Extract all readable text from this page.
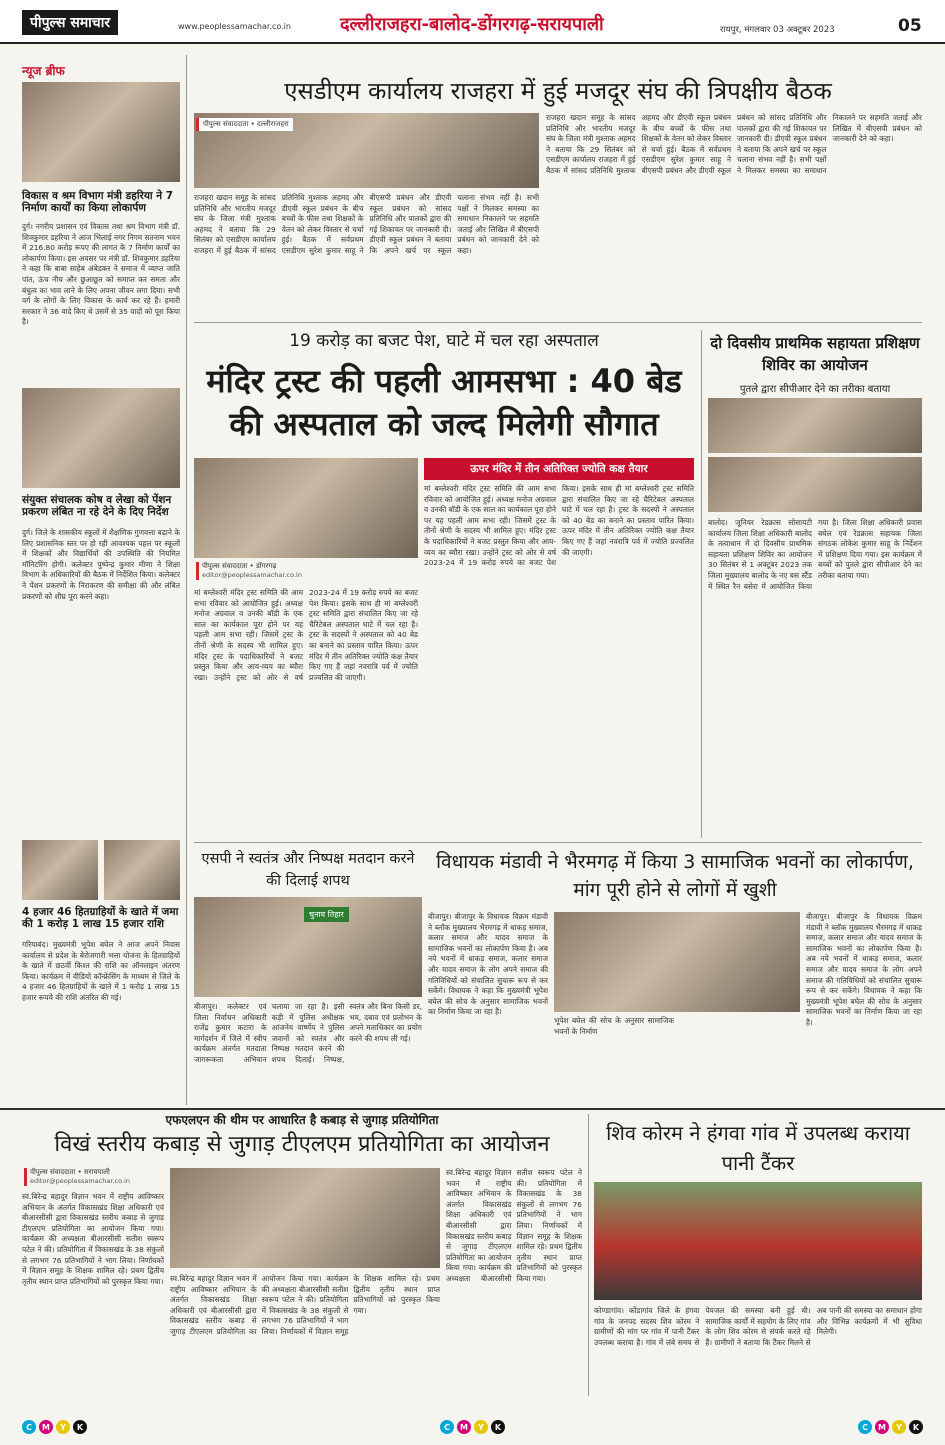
पीपुल्स समाचार	www.peoplessamachar.co.in	दल्लीराजहरा-बालोद-डोंगरगढ़-सरायपाली	रायपुर, मंगलवार 03 अक्टूबर 2023	05
न्यूज ब्रीफ
विकास व श्रम विभाग मंत्री डहरिया ने 7 निर्माण कार्यों का किया लोकार्पण
दुर्ग। नगरीय प्रशासन एवं विकास तथा श्रम विभाग मंत्री डॉ. शिवकुमार डहरिया ने आज भिलाई नगर निगम सतनाम भवन में 216.80 करोड़ रूपए की लागत के 7 निर्माण कार्यों का लोकार्पण किया। इस अवसर पर मंत्री डॉ. शिवकुमार डहरिया ने कहा कि बाबा साहेब अंबेडकर ने समाज में व्याप्त जाति पांत, ऊंच नीच और छुआछूत को समाप्त कर समता और बंधुत्व का भाव लाने के लिए अपना जीवन लगा दिया। सभी वर्ग के लोगों के लिए विकास के कार्य कर रहे हैं। हमारी सरकार ने 36 वादे किए थे उसमें से 35 वादों को पूरा किया है।
संयुक्त संचालक कोष व लेखा को पेंशन प्रकरण लंबित ना रहे देने के दिए निर्देश
दुर्ग। जिले के शासकीय स्कूलों में शैक्षणिक गुणवत्ता बढ़ाने के लिए प्रशासनिक स्तर पर हो रही आवश्यक पहल पर स्कूलों में शिक्षकों और विद्यार्थियों की उपस्थिति की नियमित मॉनिटरिंग होगी। कलेक्टर पुष्पेन्द्र कुमार मीणा ने शिक्षा विभाग के अधिकारियों की बैठक में निर्देशित किया। कलेक्टर ने पेंशन प्रकरणों के निराकरण की समीक्षा की और लंबित प्रकरणों को शीघ्र पूरा करने कहा।
4 हजार 46 हितग्राहियों के खाते में जमा की 1 करोड़ 1 लाख 15 हजार राशि
गरियाबंद। मुख्यमंत्री भूपेश बघेल ने आज अपने निवास कार्यालय से प्रदेश के बेरोजगारी भत्ता योजना के हितग्राहियों के खाते में छठवीं किश्त की राशि का ऑनलाइन अंतरण किया। कार्यक्रम में वीडियो कॉन्फ्रेंसिंग के माध्यम से जिले के 4 हजार 46 हितग्राहियों के खाते में 1 करोड़ 1 लाख 15 हजार रूपये की राशि अंतरित की गई।
एसडीएम कार्यालय राजहरा में हुई मजदूर संघ की त्रिपक्षीय बैठक
पीपुल्स संवाददाता • दल्लीराजहरा
राजहरा खदान समूह के सांसद प्रतिनिधि और भारतीय मजदूर संघ के जिला मंत्री मुश्ताक अहमद ने बताया कि 29 सितंबर को एसडीएम कार्यालय राजहरा में हुई बैठक में सांसद प्रतिनिधि मुश्ताक अहमद और डीएवी स्कूल प्रबंधन के बीच बच्चों के फीस तथा शिक्षकों के वेतन को लेकर विस्तार से चर्चा हुई। बैठक में सर्वप्रथम एसडीएम सुरेश कुमार साहू ने बीएसपी प्रबंधन और डीएवी स्कूल प्रबंधन को सांसद प्रतिनिधि और पालकों द्वारा की गई शिकायत पर जानकारी दी। डीएवी स्कूल प्रबंधन ने बताया कि अपने खर्च पर स्कूल चलाना संभव नहीं है। सभी पक्षों ने मिलकर समस्या का समाधान निकालने पर सहमति जताई और लिखित में बीएसपी प्रबंधन को जानकारी देने को कहा।
राजहरा खदान समूह के सांसद प्रतिनिधि और भारतीय मजदूर संघ के जिला मंत्री मुश्ताक अहमद ने बताया कि 29 सितंबर को एसडीएम कार्यालय राजहरा में हुई बैठक में सांसद प्रतिनिधि मुश्ताक अहमद और डीएवी स्कूल प्रबंधन के बीच बच्चों के फीस तथा शिक्षकों के वेतन को लेकर विस्तार से चर्चा हुई। बैठक में सर्वप्रथम एसडीएम सुरेश कुमार साहू ने बीएसपी प्रबंधन और डीएवी स्कूल प्रबंधन को सांसद प्रतिनिधि और पालकों द्वारा की गई शिकायत पर जानकारी दी। डीएवी स्कूल प्रबंधन ने बताया कि अपने खर्च पर स्कूल चलाना संभव नहीं है। सभी पक्षों ने मिलकर समस्या का समाधान निकालने पर सहमति जताई और लिखित में बीएसपी प्रबंधन को जानकारी देने को कहा।
19 करोड़ का बजट पेश, घाटे में चल रहा अस्पताल
मंदिर ट्रस्ट की पहली आमसभा : 40 बेड की अस्पताल को जल्द मिलेगी सौगात
ऊपर मंदिर में तीन अतिरिक्त ज्योति कक्ष तैयार
पीपुल्स संवाददाता • डोंगरगढ़
editor@peoplessamachar.co.in
मां बम्लेश्वरी मंदिर ट्रस्ट समिति की आम सभा रविवार को आयोजित हुई। अध्यक्ष मनोज अग्रवाल व उनकी बॉडी के एक साल का कार्यकाल पूरा होने पर यह पहली आम सभा रही। जिसमें ट्रस्ट के तीनों श्रेणी के सदस्य भी शामिल हुए। मंदिर ट्रस्ट के पदाधिकारियों ने बजट प्रस्तुत किया और आय-व्यय का ब्यौरा रखा। उन्होंने ट्रस्ट को ओर से वर्ष 2023-24 में 19 करोड़ रुपये का बजट पेश किया। इसके साथ ही मां बम्लेश्वरी ट्रस्ट समिति द्वारा संचालित किए जा रहे चैरिटेबल अस्पताल घाटे में चल रहा है। ट्रस्ट के सदस्यों ने अस्पताल को 40 बेड का बनाने का प्रस्ताव पारित किया। ऊपर मंदिर में तीन अतिरिक्त ज्योति कक्ष तैयार किए गए हैं जहां नवरात्रि पर्व में ज्योति प्रज्वलित की जाएगी।
मां बम्लेश्वरी मंदिर ट्रस्ट समिति की आम सभा रविवार को आयोजित हुई। अध्यक्ष मनोज अग्रवाल व उनकी बॉडी के एक साल का कार्यकाल पूरा होने पर यह पहली आम सभा रही। जिसमें ट्रस्ट के तीनों श्रेणी के सदस्य भी शामिल हुए। मंदिर ट्रस्ट के पदाधिकारियों ने बजट प्रस्तुत किया और आय-व्यय का ब्यौरा रखा। उन्होंने ट्रस्ट को ओर से वर्ष 2023-24 में 19 करोड़ रुपये का बजट पेश किया। इसके साथ ही मां बम्लेश्वरी ट्रस्ट समिति द्वारा संचालित किए जा रहे चैरिटेबल अस्पताल घाटे में चल रहा है। ट्रस्ट के सदस्यों ने अस्पताल को 40 बेड का बनाने का प्रस्ताव पारित किया। ऊपर मंदिर में तीन अतिरिक्त ज्योति कक्ष तैयार किए गए हैं जहां नवरात्रि पर्व में ज्योति प्रज्वलित की जाएगी।
दो दिवसीय प्राथमिक सहायता प्रशिक्षण शिविर का आयोजन
पुतले द्वारा सीपीआर देने का तरीका बताया
बालोद। जूनियर रेडक्रास सोसायटी कार्यालय जिला शिक्षा अधिकारी बालोद के तत्वाधान में दो दिवसीय प्राथमिक सहायता प्रशिक्षण शिविर का आयोजन 30 सितंबर से 1 अक्टूबर 2023 तक जिला मुख्यालय बालोद के नए बस स्टैंड में स्थित रैन बसेरा में आयोजित किया गया है। जिला शिक्षा अधिकारी प्रवास बघेल एवं रेडक्रास सहायक जिला संगठक लोकेश कुमार साहू के निर्देशन में प्रशिक्षण दिया गया। इस कार्यक्रम में बच्चों को पुतले द्वारा सीपीआर देने का तरीका बताया गया।
एसपी ने स्वतंत्र और निष्पक्ष मतदान करने की दिलाई शपथ
चुनाव तिहार
बीजापुर। कलेक्टर एवं जिला निर्वाचन अधिकारी राजेंद्र कुमार कटारा के मार्गदर्शन में जिले में स्वीप कार्यक्रम अंतर्गत मतदाता जागरूकता अभियान चलाया जा रहा है। इसी कड़ी में पुलिस अधीक्षक आंजनेय वार्ष्णेय ने पुलिस जवानों को स्वतंत्र और निष्पक्ष मतदान करने की शपथ दिलाई। निष्पक्ष, स्वतंत्र और बिना किसी डर, भय, दबाव एवं प्रलोभन के अपने मताधिकार का प्रयोग करने की शपथ ली गई।
विधायक मंडावी ने भैरमगढ़ में किया 3 सामाजिक भवनों का लोकार्पण, मांग पूरी होने से लोगों में खुशी
बीजापुर। बीजापुर के विधायक विक्रम मंडावी ने ब्लॉक मुख्यालय भैरमगढ़ में धाकड़ समाज, कलार समाज और यादव समाज के सामाजिक भवनों का लोकार्पण किया है। अब नये भवनों में धाकड़ समाज, कलार समाज और यादव समाज के लोग अपने समाज की गतिविधियों को संचालित सुचारू रूप से कर सकेंगे। विधायक ने कहा कि मुख्यमंत्री भूपेश बघेल की सोच के अनुसार सामाजिक भवनों का निर्माण किया जा रहा है।
भूपेश बघेल की सोच के अनुसार सामाजिक भवनों के निर्माण
बीजापुर। बीजापुर के विधायक विक्रम मंडावी ने ब्लॉक मुख्यालय भैरमगढ़ में धाकड़ समाज, कलार समाज और यादव समाज के सामाजिक भवनों का लोकार्पण किया है। अब नये भवनों में धाकड़ समाज, कलार समाज और यादव समाज के लोग अपने समाज की गतिविधियों को संचालित सुचारू रूप से कर सकेंगे। विधायक ने कहा कि मुख्यमंत्री भूपेश बघेल की सोच के अनुसार सामाजिक भवनों का निर्माण किया जा रहा है।
एफएलएन की थीम पर आधारित है कबाड़ से जुगाड़ प्रतियोगिता
विखं स्तरीय कबाड़ से जुगाड़ टीएलएम प्रतियोगिता का आयोजन
पीपुल्स संवाददाता • सरायपाली
editor@peoplessamachar.co.in
स्व.बिरेन्द्र बहादुर विज्ञान भवन में राष्ट्रीय आविष्कार अभियान के अंतर्गत विकासखंड शिक्षा अधिकारी एवं बीआरसीसी द्वारा विकासखंड स्तरीय कबाड़ से जुगाड़ टीएलएम प्रतियोगिता का आयोजन किया गया। कार्यक्रम की अध्यक्षता बीआरसीसी सतीश स्वरूप पटेल ने की। प्रतियोगिता में विकासखंड के 38 संकुलों से लगभग 76 प्रतिभागियों ने भाग लिया। निर्णायकों में विज्ञान समूह के शिक्षक शामिल रहे। प्रथम द्वितीय तृतीय स्थान प्राप्त प्रतिभागियों को पुरस्कृत किया गया। स्व.बिरेन्द्र बहादुर विज्ञान भवन में राष्ट्रीय आविष्कार अभियान के अंतर्गत विकासखंड शिक्षा अधिकारी एवं बीआरसीसी द्वारा विकासखंड स्तरीय कबाड़ से जुगाड़ टीएलएम प्रतियोगिता का आयोजन किया गया। कार्यक्रम की अध्यक्षता बीआरसीसी सतीश स्वरूप पटेल ने की। प्रतियोगिता में विकासखंड के 38 संकुलों से लगभग 76 प्रतिभागियों ने भाग लिया। निर्णायकों में विज्ञान समूह के शिक्षक शामिल रहे। प्रथम द्वितीय तृतीय स्थान प्राप्त प्रतिभागियों को पुरस्कृत किया गया।
स्व.बिरेन्द्र बहादुर विज्ञान भवन में राष्ट्रीय आविष्कार अभियान के अंतर्गत विकासखंड शिक्षा अधिकारी एवं बीआरसीसी द्वारा विकासखंड स्तरीय कबाड़ से जुगाड़ टीएलएम प्रतियोगिता का आयोजन किया गया। कार्यक्रम की अध्यक्षता बीआरसीसी सतीश स्वरूप पटेल ने की। प्रतियोगिता में विकासखंड के 38 संकुलों से लगभग 76 प्रतिभागियों ने भाग लिया। निर्णायकों में विज्ञान समूह के शिक्षक शामिल रहे। प्रथम द्वितीय तृतीय स्थान प्राप्त प्रतिभागियों को पुरस्कृत किया गया।
शिव कोरम ने हंगवा गांव में उपलब्ध कराया पानी टैंकर
कोण्डागांव। कोंडागांव जिले के हंगवा गांव के जनपद सदस्य शिव कोरम ने ग्रामीणों की मांग पर गांव में पानी टैंकर उपलब्ध कराया है। गांव में लंबे समय से पेयजल की समस्या बनी हुई थी। सामाजिक कार्यों में सहयोग के लिए गांव के लोग शिव कोरम से संपर्क करते रहे हैं। ग्रामीणों ने बताया कि टैंकर मिलने से अब पानी की समस्या का समाधान होगा और विभिन्न कार्यक्रमों में भी सुविधा मिलेगी।
C	M	Y	K	C	M	Y	K	C	M	Y	K
